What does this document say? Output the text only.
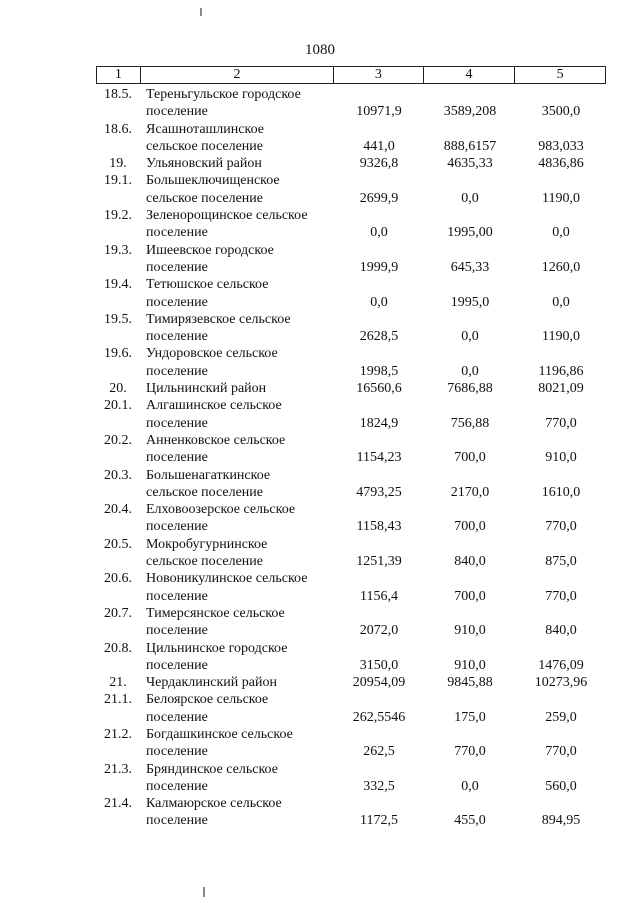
1080
1	2	3	4	5
18.5.	Тереньгульское городское
поселение	10971,9	3589,208	3500,0
18.6.	Ясашноташлинское
сельское поселение	441,0	888,6157	983,033
19.	Ульяновский район	9326,8	4635,33	4836,86
19.1.	Большеключищенское
сельское поселение	2699,9	0,0	1190,0
19.2.	Зеленорощинское сельское
поселение	0,0	1995,00	0,0
19.3.	Ишеевское городское
поселение	1999,9	645,33	1260,0
19.4.	Тетюшское сельское
поселение	0,0	1995,0	0,0
19.5.	Тимирязевское сельское
поселение	2628,5	0,0	1190,0
19.6.	Ундоровское сельское
поселение	1998,5	0,0	1196,86
20.	Цильнинский район	16560,6	7686,88	8021,09
20.1.	Алгашинское сельское
поселение	1824,9	756,88	770,0
20.2.	Анненковское сельское
поселение	1154,23	700,0	910,0
20.3.	Большенагаткинское
сельское поселение	4793,25	2170,0	1610,0
20.4.	Елховоозерское сельское
поселение	1158,43	700,0	770,0
20.5.	Мокробугурнинское
сельское поселение	1251,39	840,0	875,0
20.6.	Новоникулинское сельское
поселение	1156,4	700,0	770,0
20.7.	Тимерсянское сельское
поселение	2072,0	910,0	840,0
20.8.	Цильнинское городское
поселение	3150,0	910,0	1476,09
21.	Чердаклинский район	20954,09	9845,88	10273,96
21.1.	Белоярское сельское
поселение	262,5546	175,0	259,0
21.2.	Богдашкинское сельское
поселение	262,5	770,0	770,0
21.3.	Бряндинское сельское
поселение	332,5	0,0	560,0
21.4.	Калмаюрское сельское
поселение	1172,5	455,0	894,95
